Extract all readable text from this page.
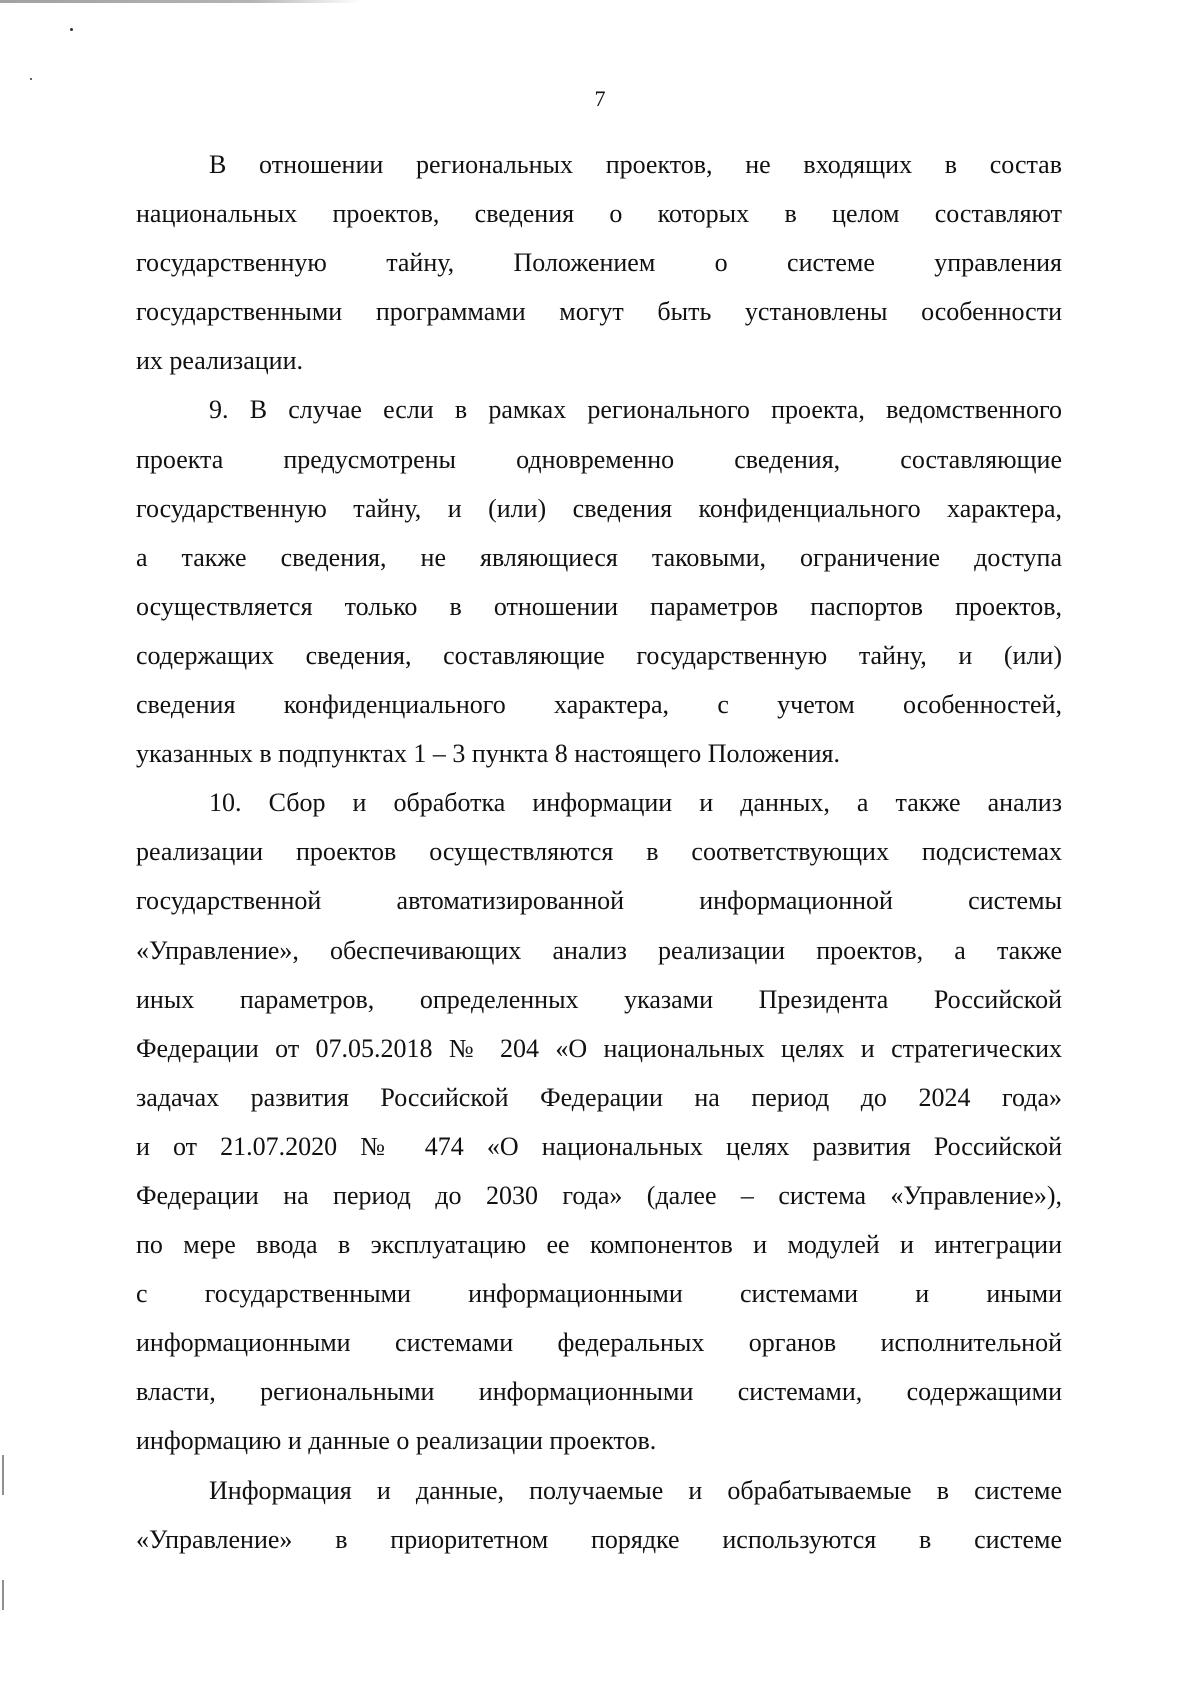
7
В отношении региональных проектов, не входящих в состав
национальных проектов, сведения о которых в целом составляют
государственную тайну, Положением о системе управления
государственными программами могут быть установлены особенности
их реализации.
9. В случае если в рамках регионального проекта, ведомственного
проекта предусмотрены одновременно сведения, составляющие
государственную тайну, и (или) сведения конфиденциального характера,
а также сведения, не являющиеся таковыми, ограничение доступа
осуществляется только в отношении параметров паспортов проектов,
содержащих сведения, составляющие государственную тайну, и (или)
сведения конфиденциального характера, с учетом особенностей,
указанных в подпунктах 1 – 3 пункта 8 настоящего Положения.
10. Сбор и обработка информации и данных, а также анализ
реализации проектов осуществляются в соответствующих подсистемах
государственной автоматизированной информационной системы
«Управление», обеспечивающих анализ реализации проектов, а также
иных параметров, определенных указами Президента Российской
Федерации от 07.05.2018 № 204 «О национальных целях и стратегических
задачах развития Российской Федерации на период до 2024 года»
и от 21.07.2020 № 474 «О национальных целях развития Российской
Федерации на период до 2030 года» (далее – система «Управление»),
по мере ввода в эксплуатацию ее компонентов и модулей и интеграции
с государственными информационными системами и иными
информационными системами федеральных органов исполнительной
власти, региональными информационными системами, содержащими
информацию и данные о реализации проектов.
Информация и данные, получаемые и обрабатываемые в системе
«Управление» в приоритетном порядке используются в системе
